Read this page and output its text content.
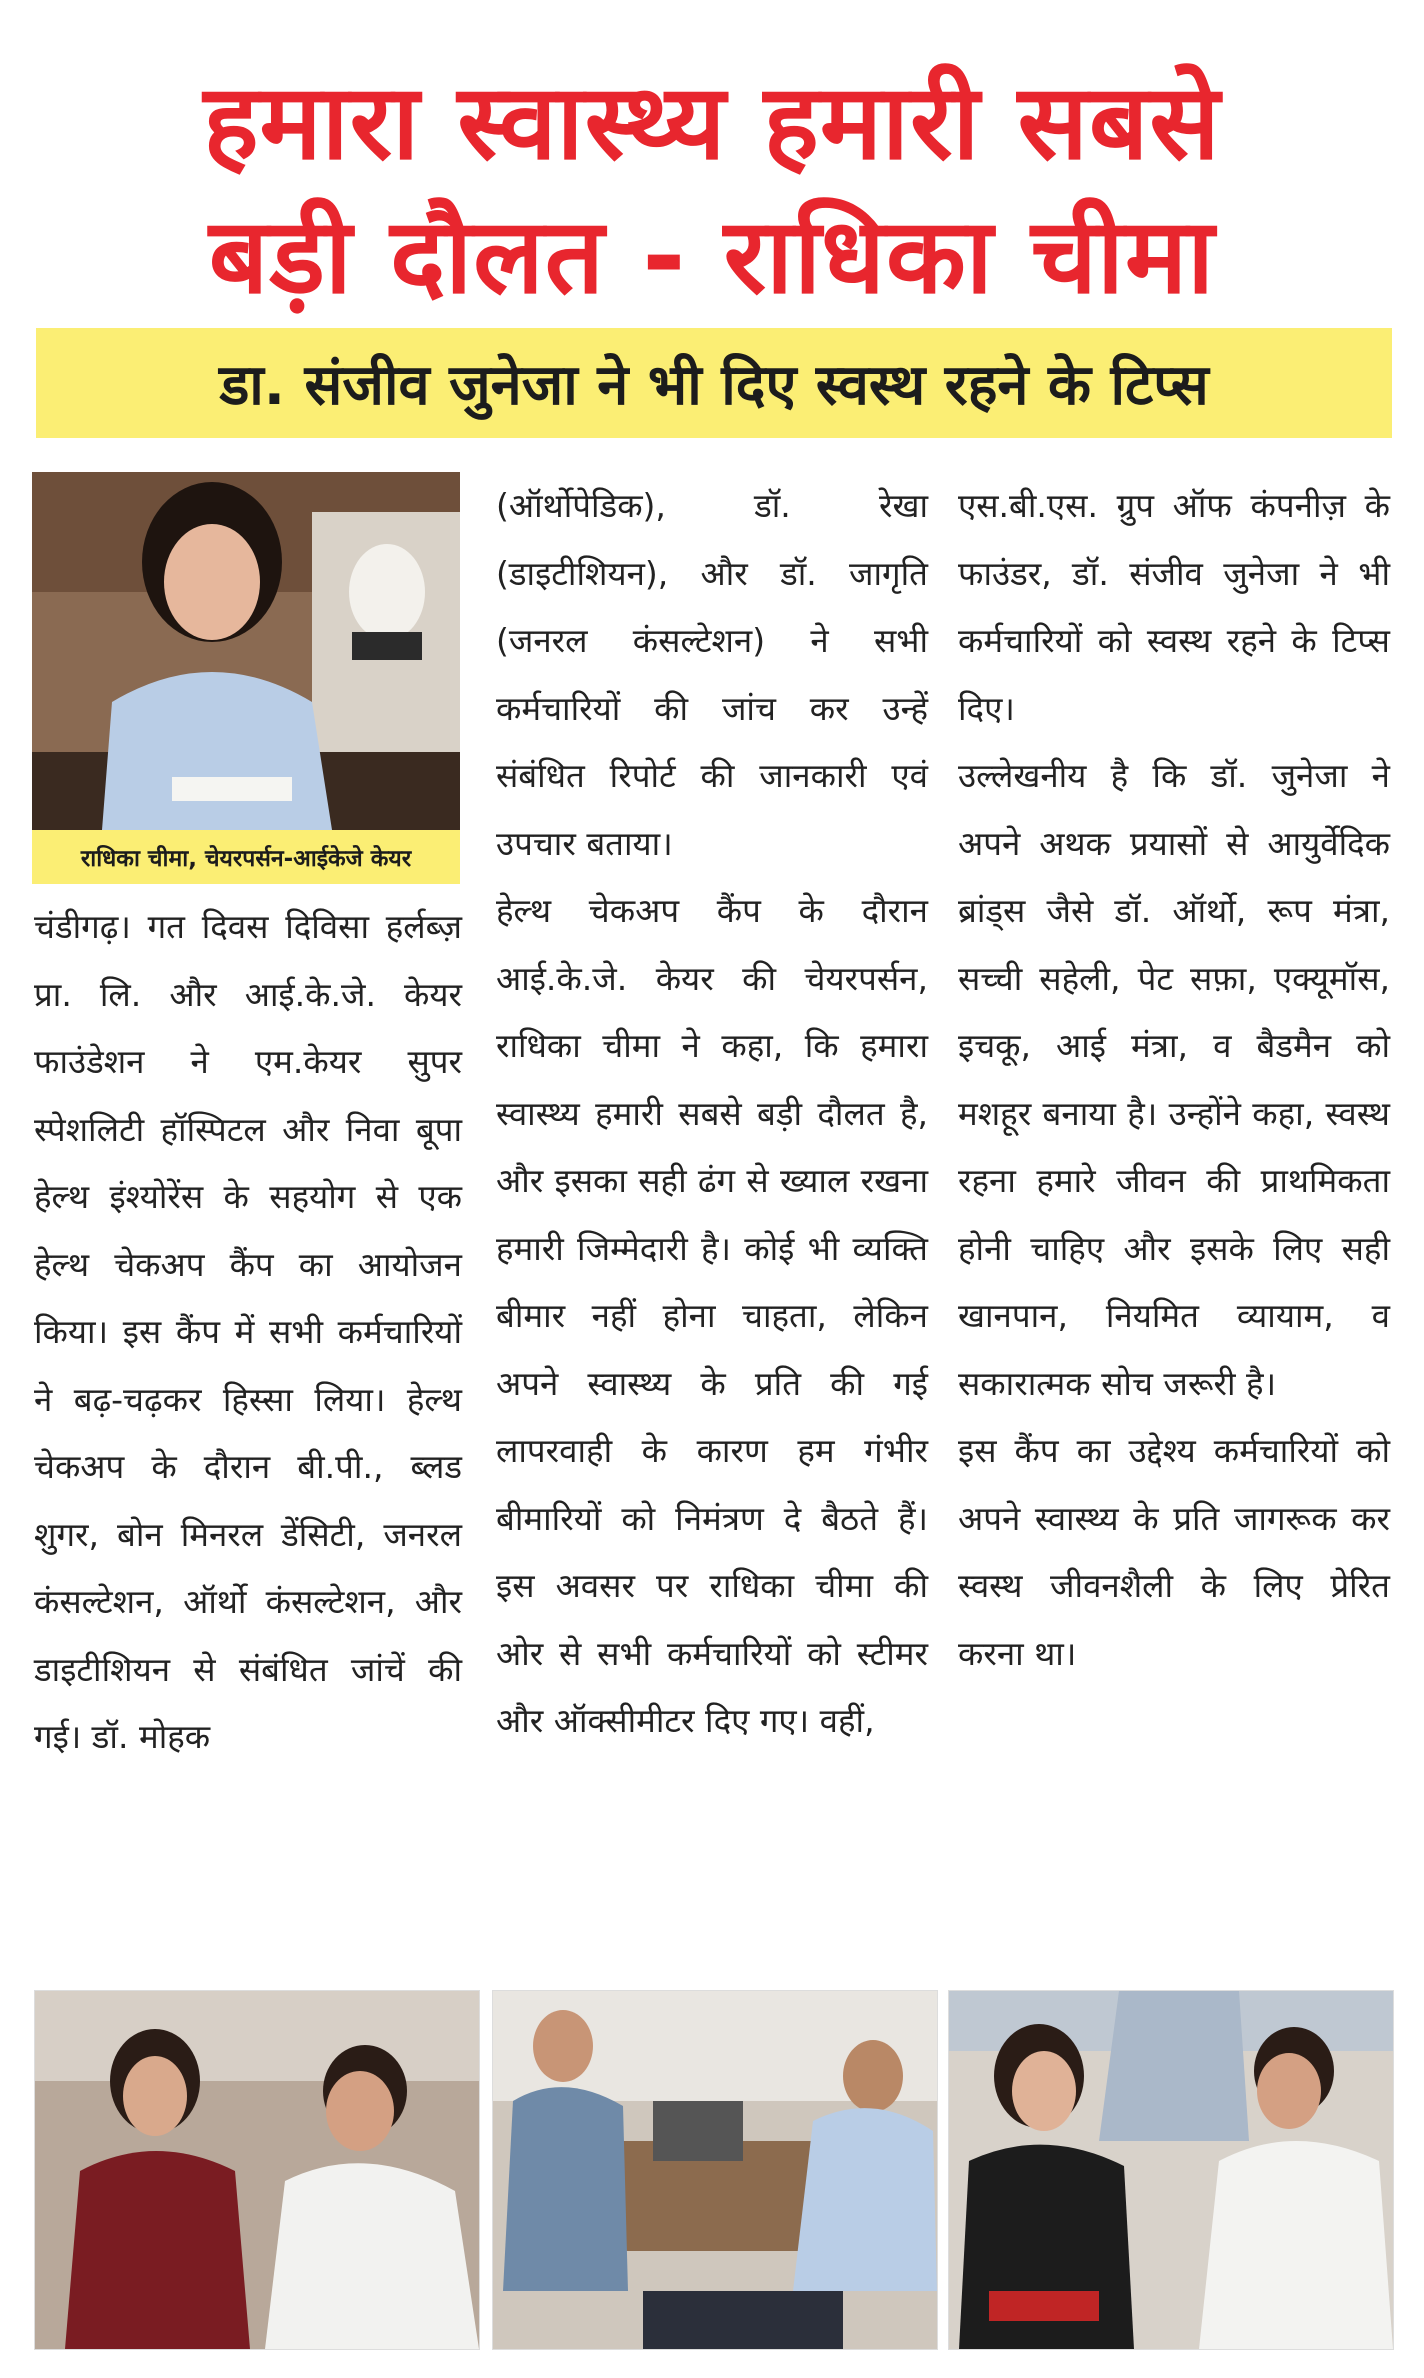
हमारा स्वास्थ्य हमारी सबसे
बड़ी दौलत - राधिका चीमा
डा. संजीव जुनेजा ने भी दिए स्वस्थ रहने के टिप्स
राधिका चीमा, चेयरपर्सन-आईकेजे केयर

चंडीगढ़। गत दिवस दिविसा हर्लब्ज़ प्रा. लि. और आई.के.जे. केयर फाउंडेशन ने एम.केयर सुपर स्पेशलिटी हॉस्पिटल और निवा बूपा हेल्थ इंश्योरेंस के सहयोग से एक हेल्थ चेकअप कैंप का आयोजन किया। इस कैंप में सभी कर्मचारियों ने बढ़-चढ़कर हिस्सा लिया। हेल्थ चेकअप के दौरान बी.पी., ब्लड शुगर, बोन मिनरल डेंसिटी, जनरल कंसल्टेशन, ऑर्थो कंसल्टेशन, और डाइटीशियन से संबंधित जांचें की गई। डॉ. मोहक

(ऑर्थोपेडिक), डॉ. रेखा (डाइटीशियन), और डॉ. जागृति (जनरल कंसल्टेशन) ने सभी कर्मचारियों की जांच कर उन्हें संबंधित रिपोर्ट की जानकारी एवं उपचार बताया।

हेल्थ चेकअप कैंप के दौरान आई.के.जे. केयर की चेयरपर्सन, राधिका चीमा ने कहा, कि हमारा स्वास्थ्य हमारी सबसे बड़ी दौलत है, और इसका सही ढंग से ख्याल रखना हमारी जिम्मेदारी है। कोई भी व्यक्ति बीमार नहीं होना चाहता, लेकिन अपने स्वास्थ्य के प्रति की गई लापरवाही के कारण हम गंभीर बीमारियों को निमंत्रण दे बैठते हैं। इस अवसर पर राधिका चीमा की ओर से सभी कर्मचारियों को स्टीमर और ऑक्सीमीटर दिए गए। वहीं,

एस.बी.एस. ग्रुप ऑफ कंपनीज़ के फाउंडर, डॉ. संजीव जुनेजा ने भी कर्मचारियों को स्वस्थ रहने के टिप्स दिए।

उल्लेखनीय है कि डॉ. जुनेजा ने अपने अथक प्रयासों से आयुर्वेदिक ब्रांड्स जैसे डॉ. ऑर्थो, रूप मंत्रा, सच्ची सहेली, पेट सफ़ा, एक्यूमॉस, इचकू, आई मंत्रा, व बैडमैन को मशहूर बनाया है। उन्होंने कहा, स्वस्थ रहना हमारे जीवन की प्राथमिकता होनी चाहिए और इसके लिए सही खानपान, नियमित व्यायाम, व सकारात्मक सोच जरूरी है।

इस कैंप का उद्देश्य कर्मचारियों को अपने स्वास्थ्य के प्रति जागरूक कर स्वस्थ जीवनशैली के लिए प्रेरित करना था।
